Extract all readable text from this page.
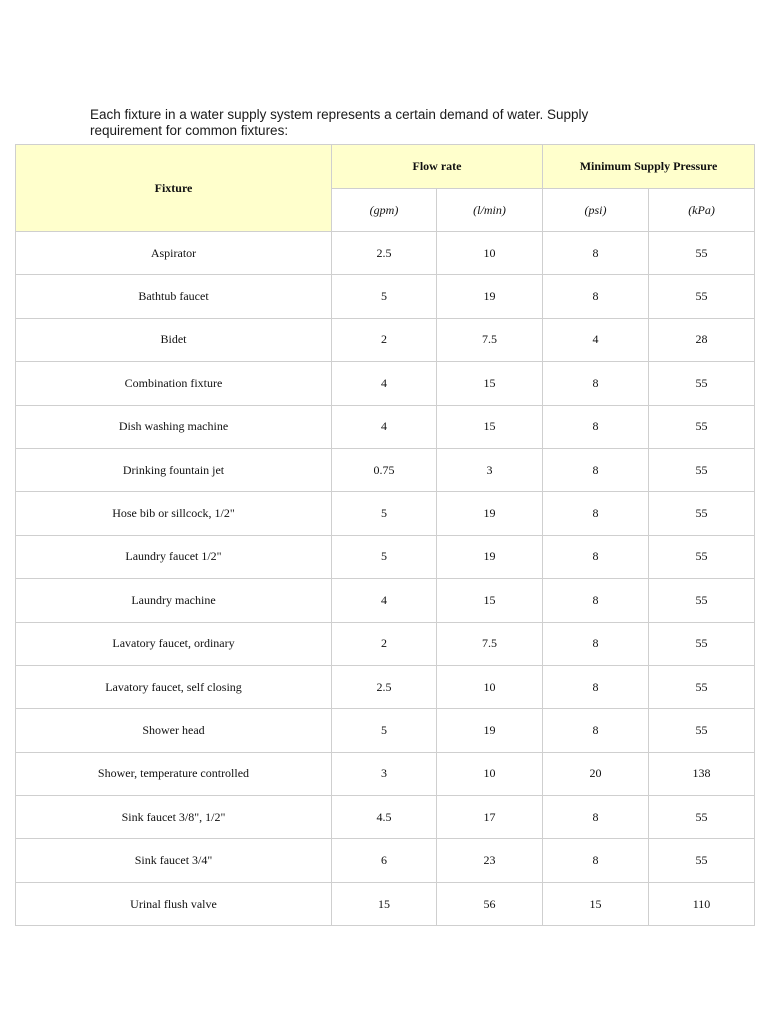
Each fixture in a water supply system represents a certain demand of water. Supply requirement for common fixtures:

Fixture	Flow rate		Minimum Supply Pressure	
	(gpm)	(l/min)	(psi)	(kPa)
Aspirator	2.5	10	8	55
Bathtub faucet	5	19	8	55
Bidet	2	7.5	4	28
Combination fixture	4	15	8	55
Dish washing machine	4	15	8	55
Drinking fountain jet	0.75	3	8	55
Hose bib or sillcock, 1/2"	5	19	8	55
Laundry faucet 1/2"	5	19	8	55
Laundry machine	4	15	8	55
Lavatory faucet, ordinary	2	7.5	8	55
Lavatory faucet, self closing	2.5	10	8	55
Shower head	5	19	8	55
Shower, temperature controlled	3	10	20	138
Sink faucet 3/8", 1/2"	4.5	17	8	55
Sink faucet 3/4"	6	23	8	55
Urinal flush valve	15	56	15	110
